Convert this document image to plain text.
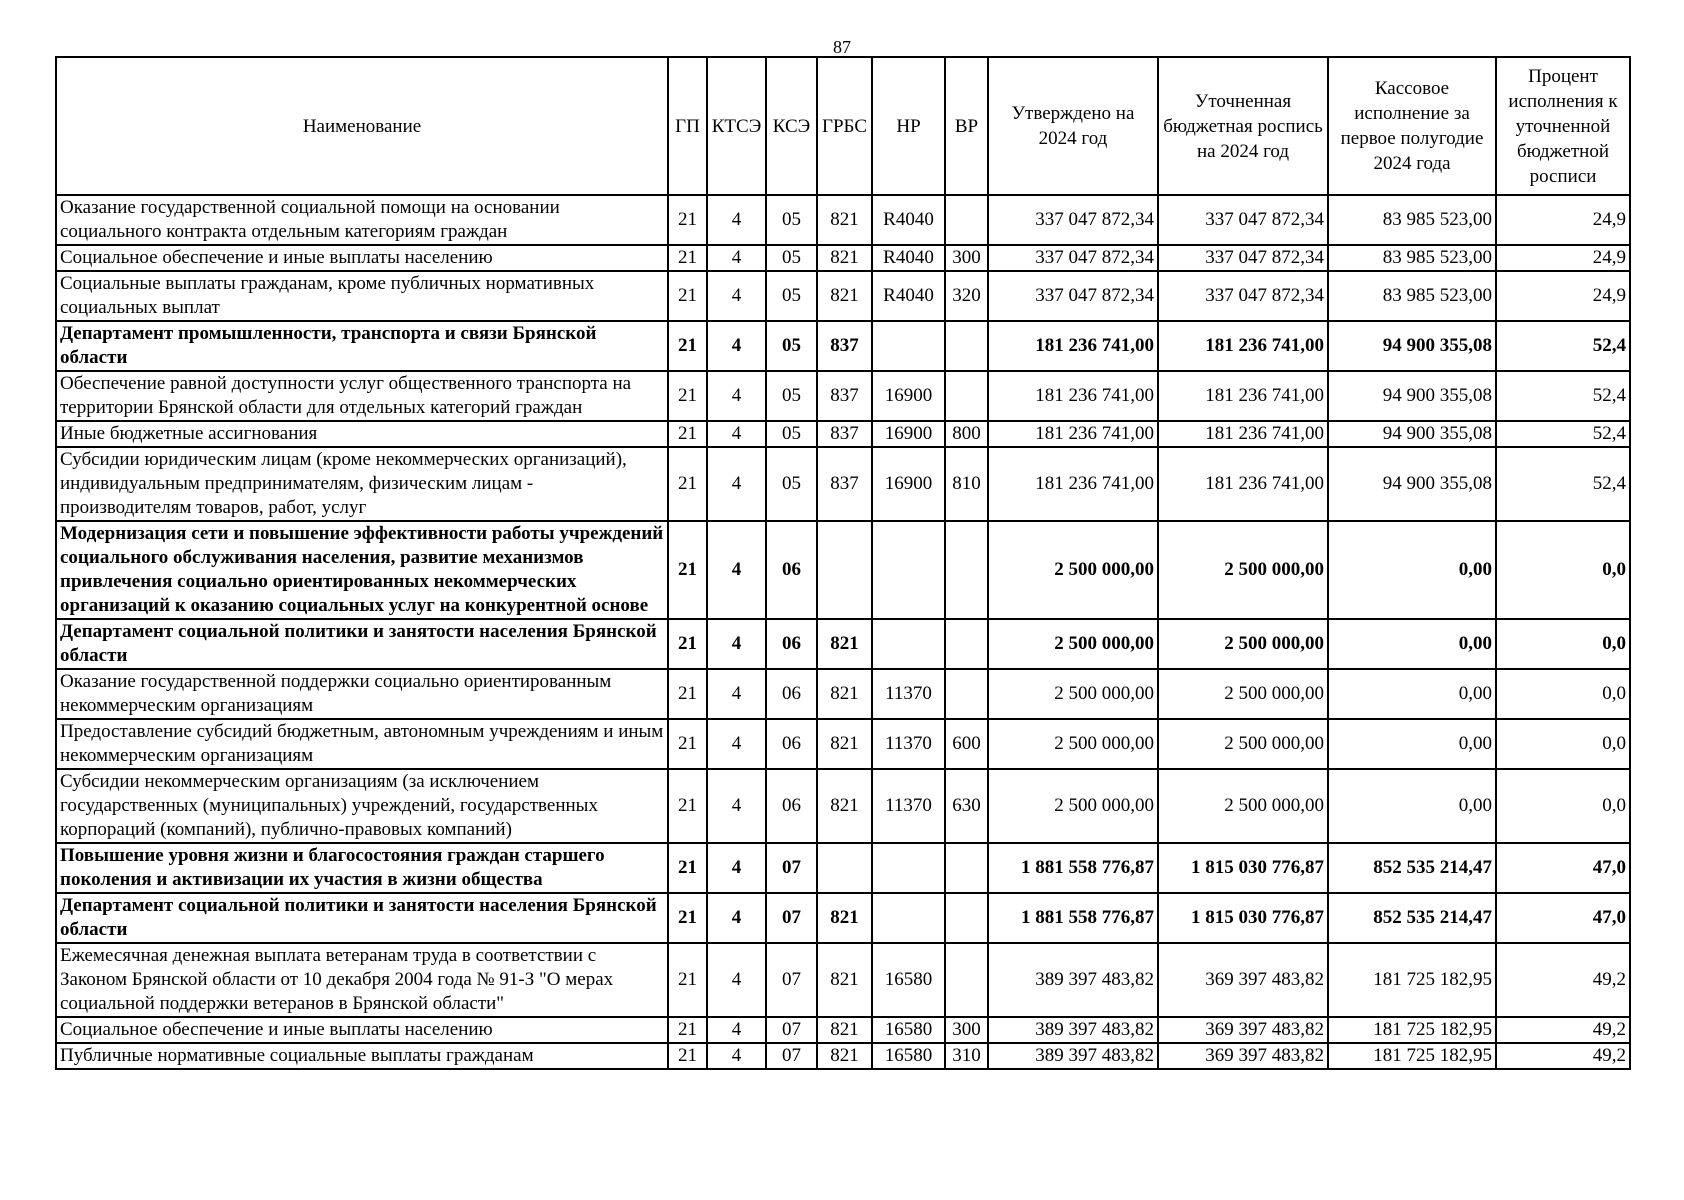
87
Наименование	ГП	КТСЭ	КСЭ	ГРБС	НР	ВР	Утверждено на 2024 год	Уточненная бюджетная роспись на 2024 год	Кассовое исполнение за первое полугодие 2024 года	Процент исполнения к уточненной бюджетной росписи
Оказание государственной социальной помощи на основании социального контракта отдельным категориям граждан	21	4	05	821	R4040		337 047 872,34	337 047 872,34	83 985 523,00	24,9
Социальное обеспечение и иные выплаты населению	21	4	05	821	R4040	300	337 047 872,34	337 047 872,34	83 985 523,00	24,9
Социальные выплаты гражданам, кроме публичных нормативных социальных выплат	21	4	05	821	R4040	320	337 047 872,34	337 047 872,34	83 985 523,00	24,9
Департамент промышленности, транспорта и связи Брянской области	21	4	05	837			181 236 741,00	181 236 741,00	94 900 355,08	52,4
Обеспечение равной доступности услуг общественного транспорта на территории Брянской области для отдельных категорий граждан	21	4	05	837	16900		181 236 741,00	181 236 741,00	94 900 355,08	52,4
Иные бюджетные ассигнования	21	4	05	837	16900	800	181 236 741,00	181 236 741,00	94 900 355,08	52,4
Субсидии юридическим лицам (кроме некоммерческих организаций), индивидуальным предпринимателям, физическим лицам - производителям товаров, работ, услуг	21	4	05	837	16900	810	181 236 741,00	181 236 741,00	94 900 355,08	52,4
Модернизация сети и повышение эффективности работы учреждений социального обслуживания населения, развитие механизмов привлечения социально ориентированных некоммерческих организаций к оказанию социальных услуг на конкурентной основе	21	4	06				2 500 000,00	2 500 000,00	0,00	0,0
Департамент социальной политики и занятости населения Брянской области	21	4	06	821			2 500 000,00	2 500 000,00	0,00	0,0
Оказание государственной поддержки социально ориентированным некоммерческим организациям	21	4	06	821	11370		2 500 000,00	2 500 000,00	0,00	0,0
Предоставление субсидий бюджетным, автономным учреждениям и иным некоммерческим организациям	21	4	06	821	11370	600	2 500 000,00	2 500 000,00	0,00	0,0
Субсидии некоммерческим организациям (за исключением государственных (муниципальных) учреждений, государственных корпораций (компаний), публично-правовых компаний)	21	4	06	821	11370	630	2 500 000,00	2 500 000,00	0,00	0,0
Повышение уровня жизни и благосостояния граждан старшего поколения и активизации их участия в жизни общества	21	4	07				1 881 558 776,87	1 815 030 776,87	852 535 214,47	47,0
Департамент социальной политики и занятости населения Брянской области	21	4	07	821			1 881 558 776,87	1 815 030 776,87	852 535 214,47	47,0
Ежемесячная денежная выплата ветеранам труда в соответствии с Законом Брянской области от 10 декабря 2004 года № 91-З "О мерах социальной поддержки ветеранов в Брянской области"	21	4	07	821	16580		389 397 483,82	369 397 483,82	181 725 182,95	49,2
Социальное обеспечение и иные выплаты населению	21	4	07	821	16580	300	389 397 483,82	369 397 483,82	181 725 182,95	49,2
Публичные нормативные социальные выплаты гражданам	21	4	07	821	16580	310	389 397 483,82	369 397 483,82	181 725 182,95	49,2
